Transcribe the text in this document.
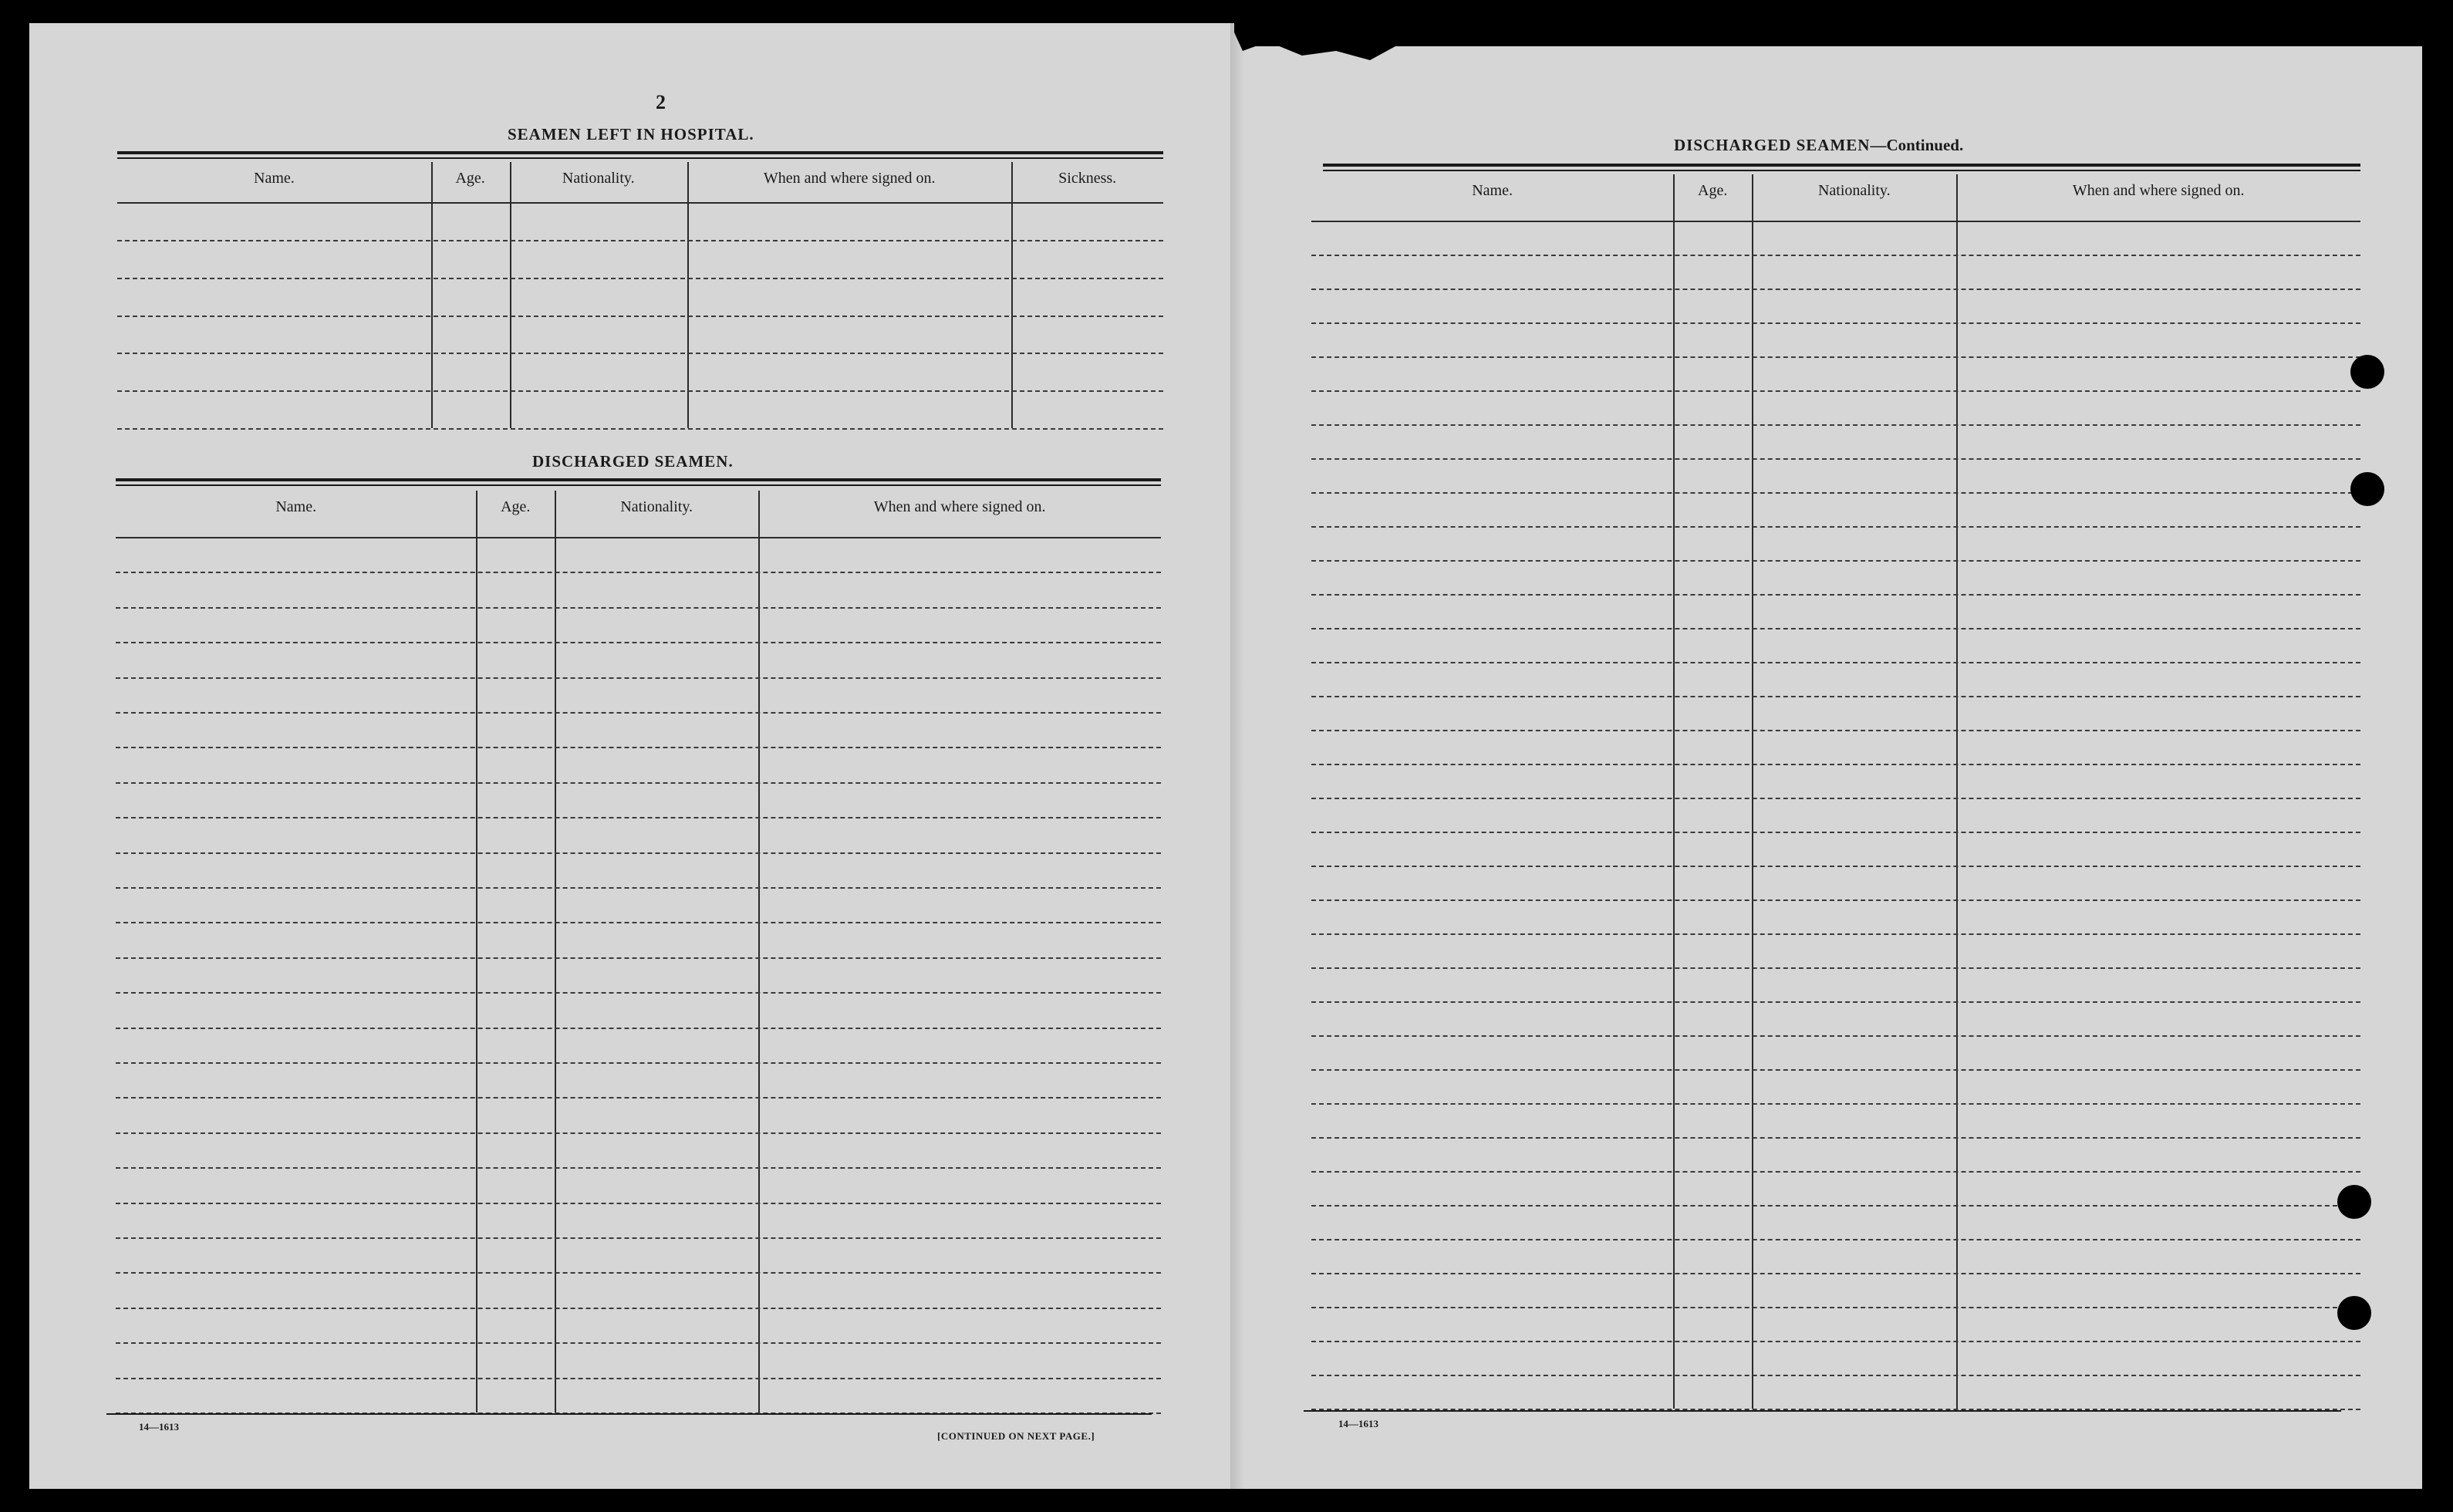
2
SEAMEN LEFT IN HOSPITAL.
Name.	Age.	Nationality.	When and where signed on.	Sickness.
DISCHARGED SEAMEN.
Name.	Age.	Nationality.	When and where signed on.
14—1613
[CONTINUED ON NEXT PAGE.]
DISCHARGED SEAMEN—Continued.
Name.	Age.	Nationality.	When and where signed on.
14—1613
